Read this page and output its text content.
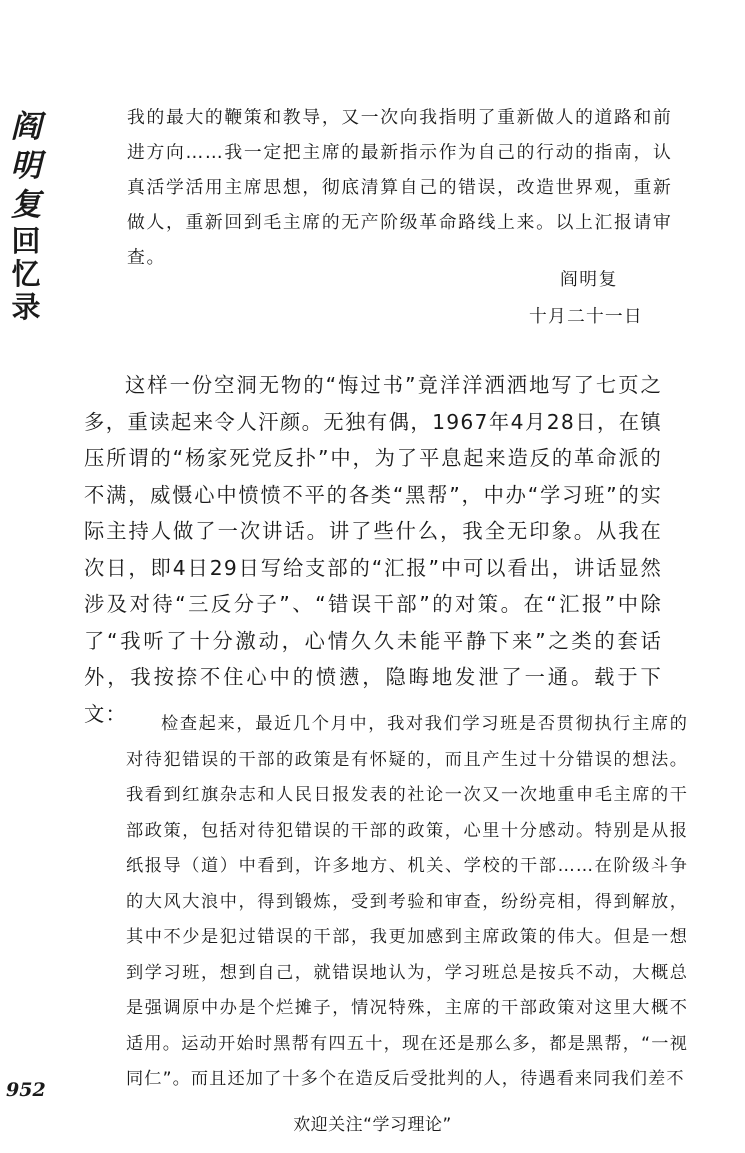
阎明复
回忆录
我的最大的鞭策和教导，又一次向我指明了重新做人的道路和前进方向……我一定把主席的最新指示作为自己的行动的指南，认真活学活用主席思想，彻底清算自己的错误，改造世界观，重新做人，重新回到毛主席的无产阶级革命路线上来。以上汇报请审查。
阎明复
十月二十一日
这样一份空洞无物的“悔过书”竟洋洋洒洒地写了七页之多，重读起来令人汗颜。无独有偶，1967年4月28日，在镇压所谓的“杨家死党反扑”中，为了平息起来造反的革命派的不满，威慑心中愤愤不平的各类“黑帮”，中办“学习班”的实际主持人做了一次讲话。讲了些什么，我全无印象。从我在次日，即4日29日写给支部的“汇报”中可以看出，讲话显然涉及对待“三反分子”、“错误干部”的对策。在“汇报”中除了“我听了十分激动，心情久久未能平静下来”之类的套话外，我按捺不住心中的愤懑，隐晦地发泄了一通。载于下文：	检查起来，最近几个月中，我对我们学习班是否贯彻执行主席的对待犯错误的干部的政策是有怀疑的，而且产生过十分错误的想法。我看到红旗杂志和人民日报发表的社论一次又一次地重申毛主席的干部政策，包括对待犯错误的干部的政策，心里十分感动。特别是从报纸报导（道）中看到，许多地方、机关、学校的干部……在阶级斗争的大风大浪中，得到锻炼，受到考验和审查，纷纷亮相，得到解放，其中不少是犯过错误的干部，我更加感到主席政策的伟大。但是一想到学习班，想到自己，就错误地认为，学习班总是按兵不动，大概总是强调原中办是个烂摊子，情况特殊，主席的干部政策对这里大概不适用。运动开始时黑帮有四五十，现在还是那么多，都是黑帮，“一视同仁”。而且还加了十多个在造反后受批判的人，待遇看来同我们差不
952
欢迎关注“学习理论”
